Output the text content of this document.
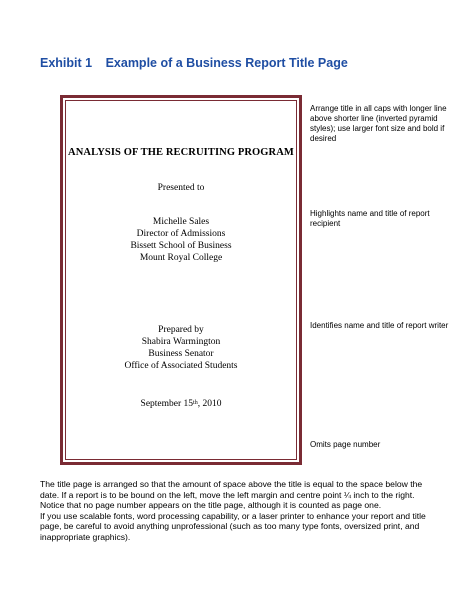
Exhibit 1 Example of a Business Report Title Page
ANALYSIS OF THE RECRUITING PROGRAM
Presented to
Michelle Sales
Director of Admissions
Bissett School of Business
Mount Royal College
Prepared by
Shabira Warmington
Business Senator
Office of Associated Students
September 15th, 2010
Arrange title in all caps with longer line above shorter line (inverted pyramid styles); use larger font size and bold if desired
Highlights name and title of report recipient
Identifies name and title of report writer
Omits page number

The title page is arranged so that the amount of space above the title is equal to the space below the date. If a report is to be bound on the left, move the left margin and centre point ¼ inch to the right. Notice that no page number appears on the title page, although it is counted as page one.

If you use scalable fonts, word processing capability, or a laser printer to enhance your report and title page, be careful to avoid anything unprofessional (such as too many type fonts, oversized print, and inappropriate graphics).
